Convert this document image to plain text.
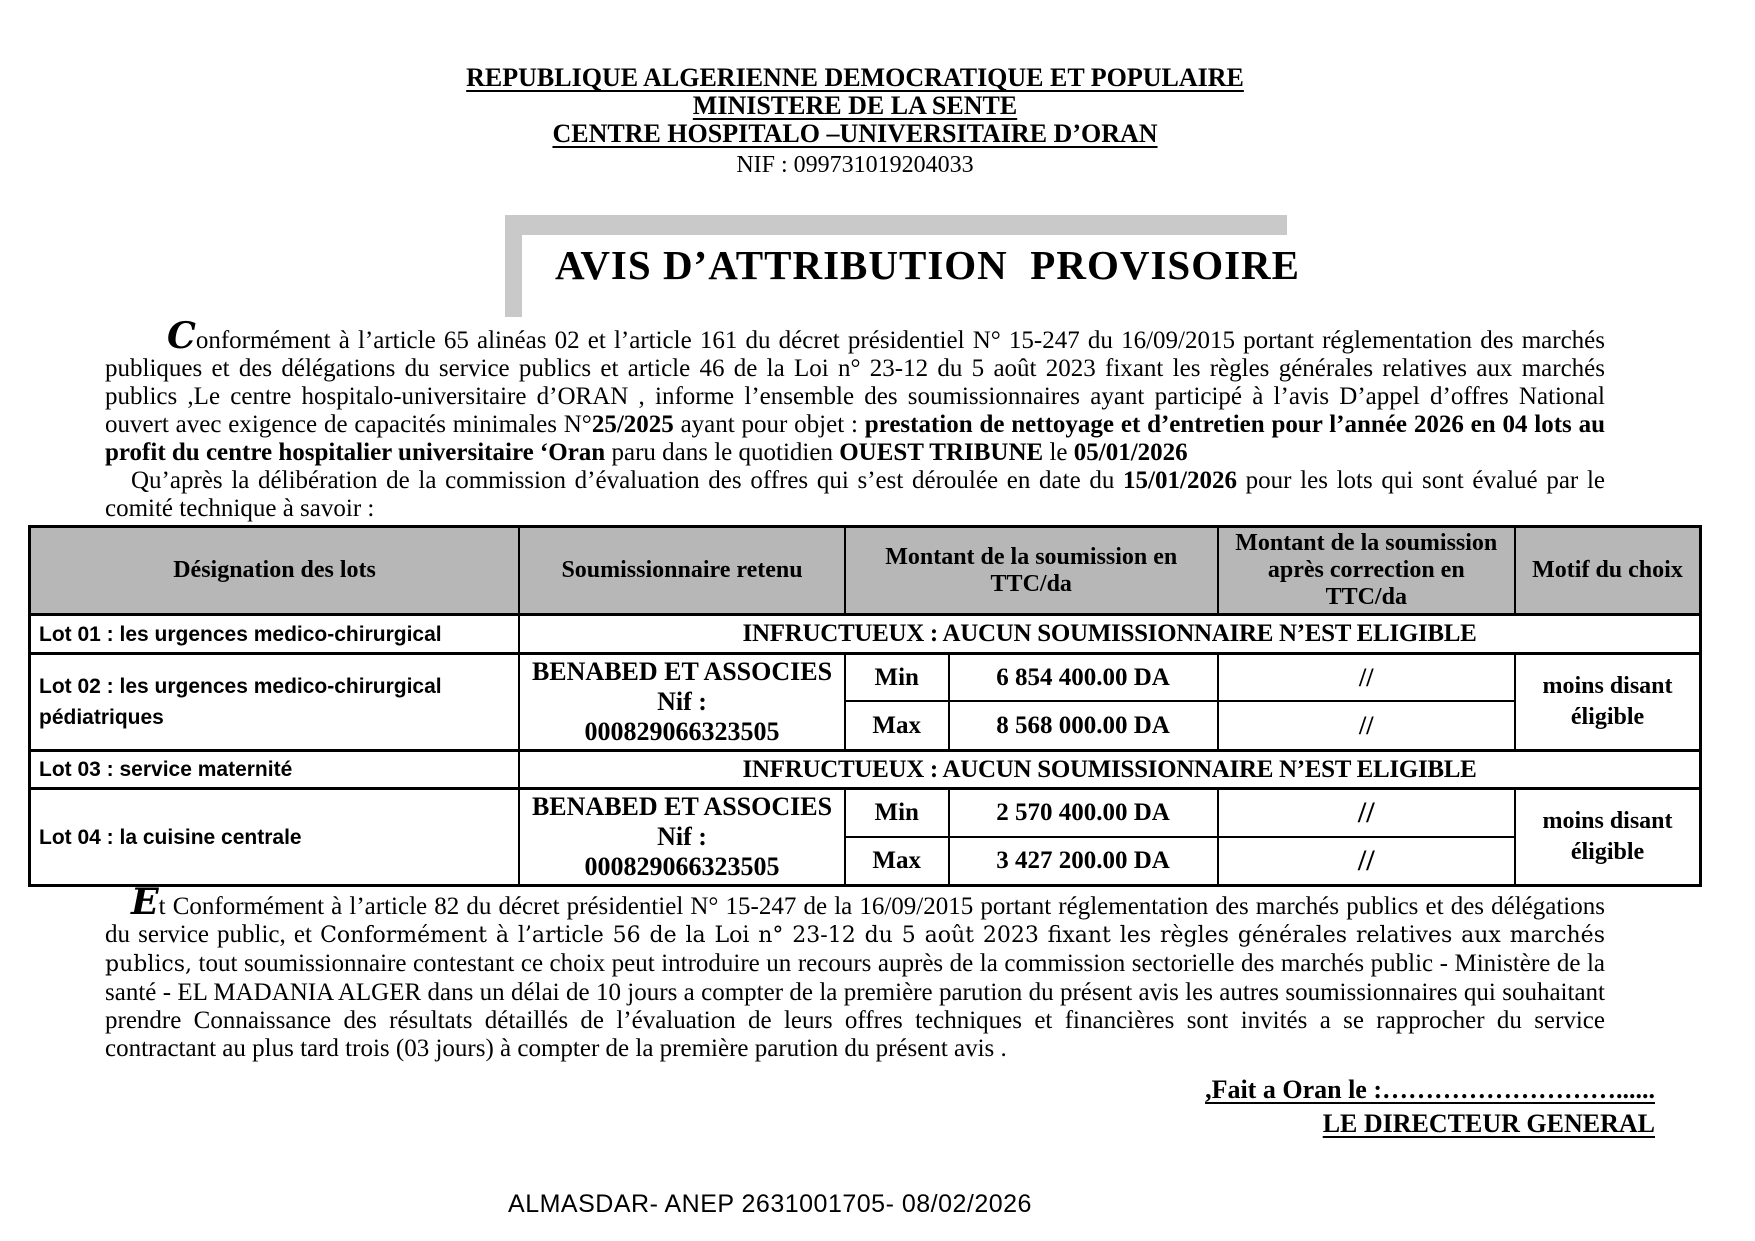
REPUBLIQUE ALGERIENNE DEMOCRATIQUE ET POPULAIRE
MINISTERE DE LA SENTE
CENTRE HOSPITALO –UNIVERSITAIRE D’ORAN
NIF : 099731019204033
AVIS D’ATTRIBUTION  PROVISOIRE

Conformément à l’article 65 alinéas 02 et l’article 161 du décret présidentiel N° 15-247 du 16/09/2015 portant réglementation des marchés publiques et des délégations du service publics et article 46 de la Loi n° 23-12 du 5 août 2023 fixant les règles générales relatives aux marchés publics ,Le centre hospitalo-universitaire d’ORAN , informe l’ensemble des soumissionnaires ayant participé à l’avis D’appel d’offres National ouvert avec exigence de capacités minimales N°25/2025 ayant pour objet : prestation de nettoyage et d’entretien pour l’année 2026 en 04 lots au profit du centre hospitalier universitaire ‘Oran paru dans le quotidien OUEST TRIBUNE le 05/01/2026

Qu’après la délibération de la commission d’évaluation des offres qui s’est déroulée en date du 15/01/2026 pour les lots qui sont évalué par le comité technique à savoir :

Désignation des lots	Soumissionnaire retenu	Montant de la soumission en TTC/da		Montant de la soumission après correction en TTC/da	Motif du choix
Lot 01 : les urgences medico-chirurgical	INFRUCTUEUX : AUCUN SOUMISSIONNAIRE N’EST ELIGIBLE				
Lot 02 : les urgences medico-chirurgical pédiatriques	BENABED ET ASSOCIES
Nif :
000829066323505	Min	6 854 400.00 DA	//	moins disant éligible
		Max	8 568 000.00 DA	//	
Lot 03 : service maternité	INFRUCTUEUX : AUCUN SOUMISSIONNAIRE N’EST ELIGIBLE				
Lot 04 : la cuisine centrale	BENABED ET ASSOCIES
Nif :
000829066323505	Min	2 570 400.00 DA	//	moins disant éligible
		Max	3 427 200.00 DA	//	

Et Conformément à l’article 82 du décret présidentiel N° 15-247 de la 16/09/2015 portant réglementation des marchés publics et des délégations du service public, et Conformément à l’article 56 de la Loi n° 23-12 du 5 août 2023 fixant les règles générales relatives aux marchés publics, tout soumissionnaire contestant ce choix peut introduire un recours auprès de la commission sectorielle des marchés public - Ministère de la santé - EL MADANIA ALGER dans un délai de 10 jours a compter de la première parution du présent avis les autres soumissionnaires qui souhaitant prendre Connaissance des résultats détaillés de l’évaluation de leurs offres techniques et financières sont invités a se rapprocher du service contractant au plus tard trois (03 jours) à compter de la première parution du présent avis .

,Fait a Oran le :………………………......
LE DIRECTEUR GENERAL
ALMASDAR- ANEP 2631001705- 08/02/2026
